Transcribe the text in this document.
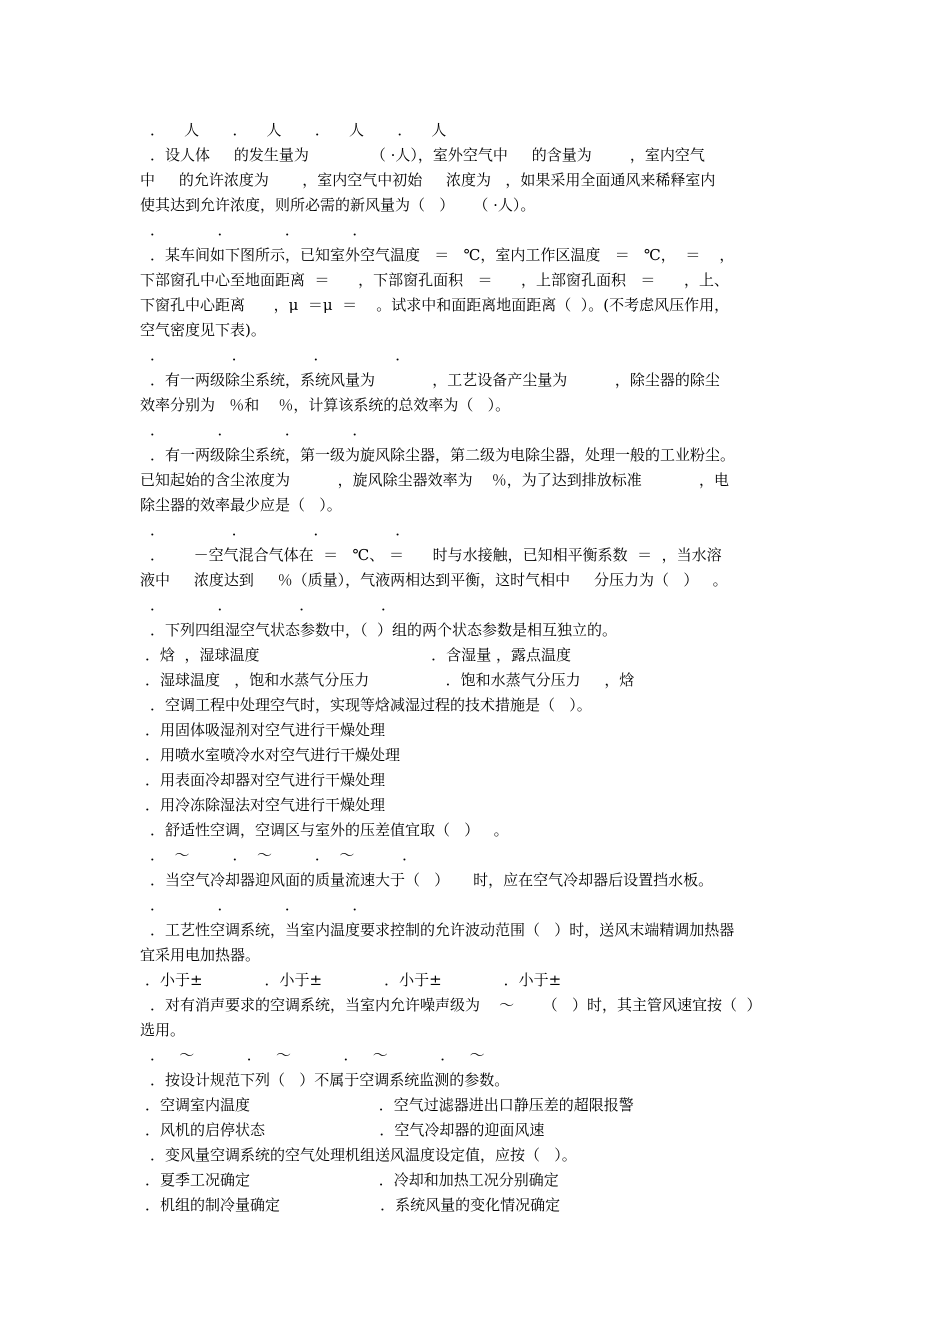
．    人       ．    人       ．    人       ．    人
．设人体     的发生量为             （ ·人），室外空气中     的含量为        ，室内空气
中     的允许浓度为       ，室内空气中初始     浓度为   ，如果采用全面通风来稀释室内
使其达到允许浓度，则所必需的新风量为（   ）    （ ·人）。
．           ．           ．           ．
．某车间如下图所示，已知室外空气温度   ＝   ℃，室内工作区温度   ＝   ℃，  ＝    ，
下部窗孔中心至地面距离  ＝      ，下部窗孔面积   ＝      ，上部窗孔面积   ＝      ，上、
下窗孔中心距离      ，μ  ＝μ  ＝    。试求中和面距离地面距离（  ）。(不考虑风压作用，
空气密度见下表)。
．              ．              ．              ．
．有一两级除尘系统，系统风量为            ，工艺设备产尘量为          ，除尘器的除尘
效率分别为   ％和    ％，计算该系统的总效率为（   ）。
．           ．           ．           ．
．有一两级除尘系统，第一级为旋风除尘器，第二级为电除尘器，处理一般的工业粉尘。
已知起始的含尘浓度为          ，旋风除尘器效率为    ％，为了达到排放标准            ，电
除尘器的效率最少应是（   ）。
．              ．              ．              ．
．      －空气混合气体在  ＝   ℃、 ＝      时与水接触，已知相平衡系数  ＝  ，当水溶
液中     浓度达到     ％（质量），气液两相达到平衡，这时气相中     分压力为（   ）   。
．           ．              ．              ．
．下列四组湿空气状态参数中，（  ）组的两个状态参数是相互独立的。
．焓  ，湿球温度                                    ．含湿量 ，露点温度
．湿球温度   ，饱和水蒸气分压力                ．饱和水蒸气分压力     ，焓
．空调工程中处理空气时，实现等焓减湿过程的技术措施是（   ）。
．用固体吸湿剂对空气进行干燥处理
．用喷水室喷冷水对空气进行干燥处理
．用表面冷却器对空气进行干燥处理
．用冷冻除湿法对空气进行干燥处理
．舒适性空调，空调区与室外的压差值宜取（   ）   。
．  ～         ．  ～         ．  ～          ．
．当空气冷却器迎风面的质量流速大于（   ）     时，应在空气冷却器后设置挡水板。
．           ．           ．           ．
．工艺性空调系统，当室内温度要求控制的允许波动范围（   ）时，送风末端精调加热器
宜采用电加热器。
．小于±             ．小于±             ．小于±             ．小于±
．对有消声要求的空调系统，当室内允许噪声级为    ～      （   ）时，其主管风速宜按（  ）
选用。
．   ～           ．   ～           ．   ～           ．   ～
．按设计规范下列（   ）不属于空调系统监测的参数。
．空调室内温度                           ．空气过滤器进出口静压差的超限报警
．风机的启停状态                        ．空气冷却器的迎面风速
．变风量空调系统的空气处理机组送风温度设定值，应按（   ）。
．夏季工况确定                           ．冷却和加热工况分别确定
．机组的制冷量确定                     ．系统风量的变化情况确定
